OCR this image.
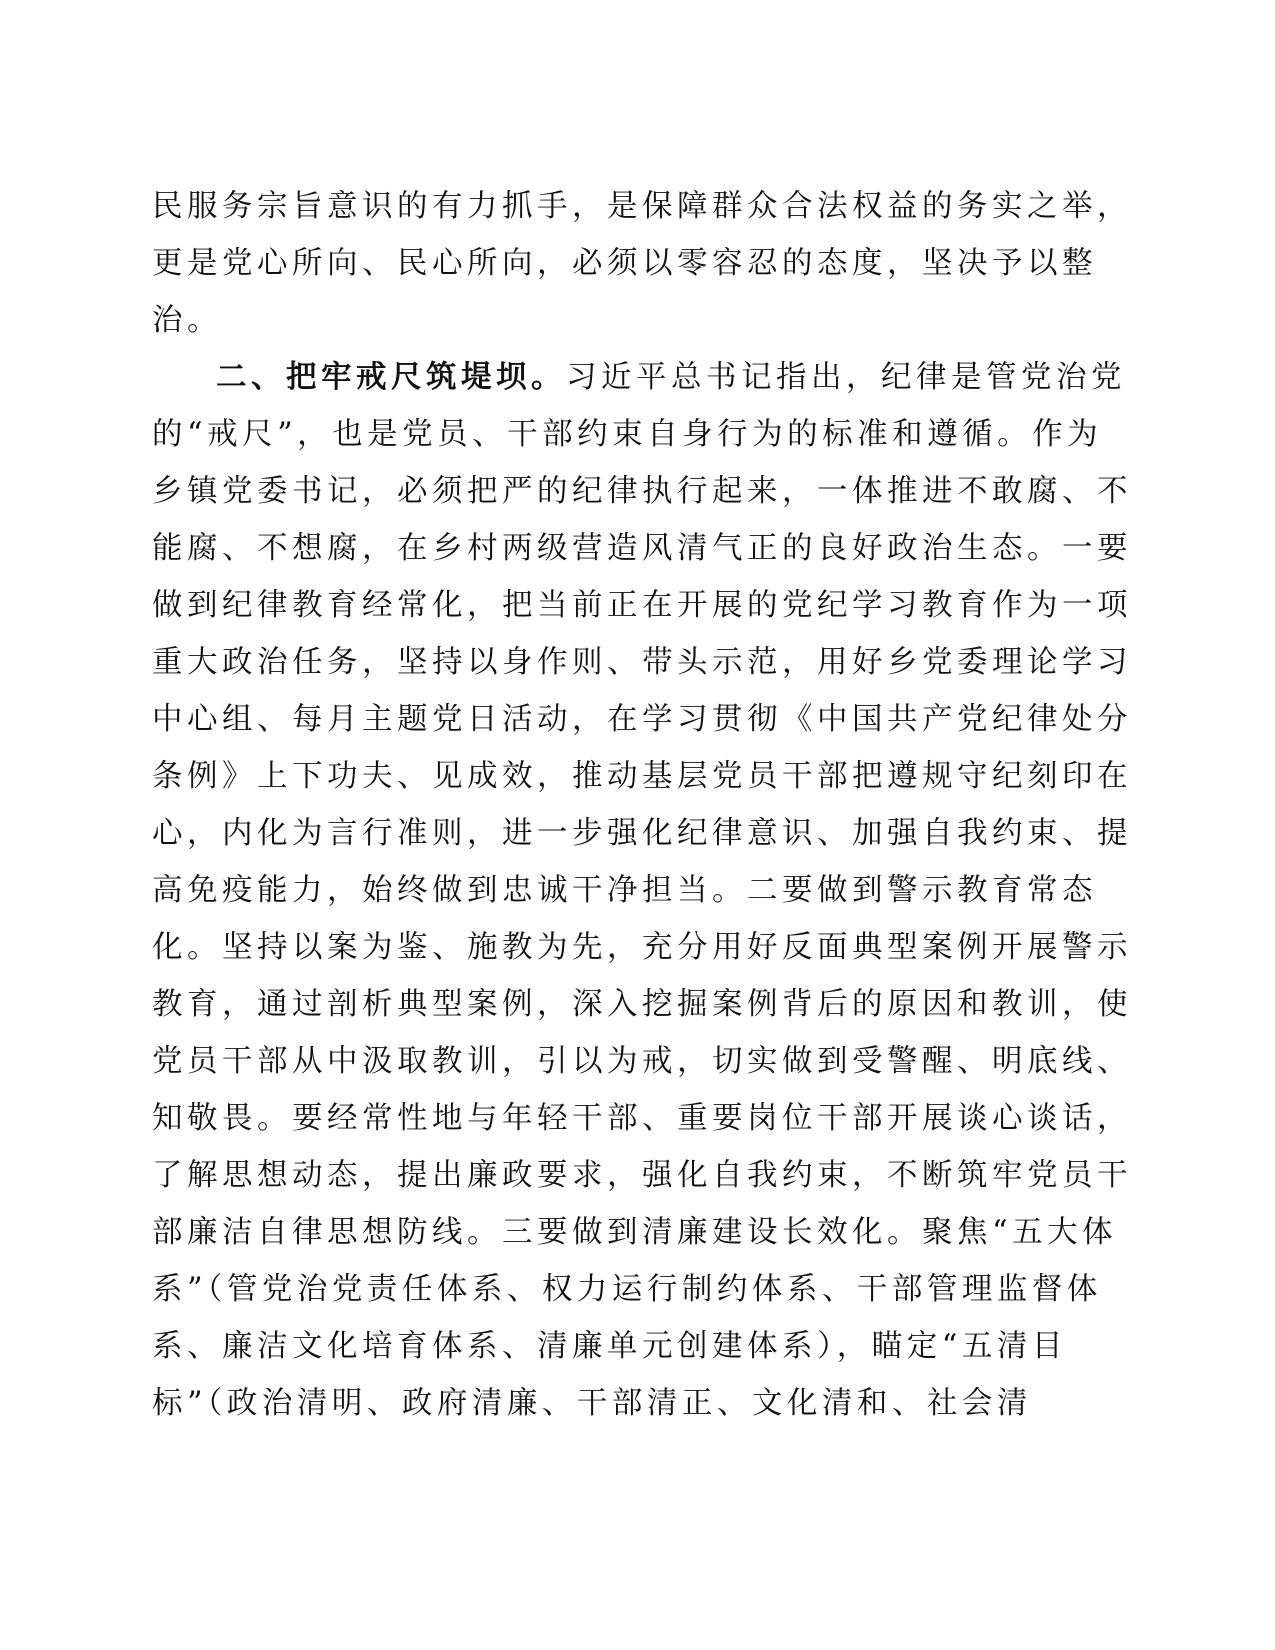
民服务宗旨意识的有力抓手，是保障群众合法权益的务实之举，
更是党心所向、民心所向，必须以零容忍的态度，坚决予以整
治。
二、把牢戒尺筑堤坝。习近平总书记指出，纪律是管党治党
的“戒尺”，也是党员、干部约束自身行为的标准和遵循。作为
乡镇党委书记，必须把严的纪律执行起来，一体推进不敢腐、不
能腐、不想腐，在乡村两级营造风清气正的良好政治生态。一要
做到纪律教育经常化，把当前正在开展的党纪学习教育作为一项
重大政治任务，坚持以身作则、带头示范，用好乡党委理论学习
中心组、每月主题党日活动，在学习贯彻《中国共产党纪律处分
条例》上下功夫、见成效，推动基层党员干部把遵规守纪刻印在
心，内化为言行准则，进一步强化纪律意识、加强自我约束、提
高免疫能力，始终做到忠诚干净担当。二要做到警示教育常态
化。坚持以案为鉴、施教为先，充分用好反面典型案例开展警示
教育，通过剖析典型案例，深入挖掘案例背后的原因和教训，使
党员干部从中汲取教训，引以为戒，切实做到受警醒、明底线、
知敬畏。要经常性地与年轻干部、重要岗位干部开展谈心谈话，
了解思想动态，提出廉政要求，强化自我约束，不断筑牢党员干
部廉洁自律思想防线。三要做到清廉建设长效化。聚焦“五大体
系”（管党治党责任体系、权力运行制约体系、干部管理监督体
系、廉洁文化培育体系、清廉单元创建体系），瞄定“五清目
标”（政治清明、政府清廉、干部清正、文化清和、社会清
